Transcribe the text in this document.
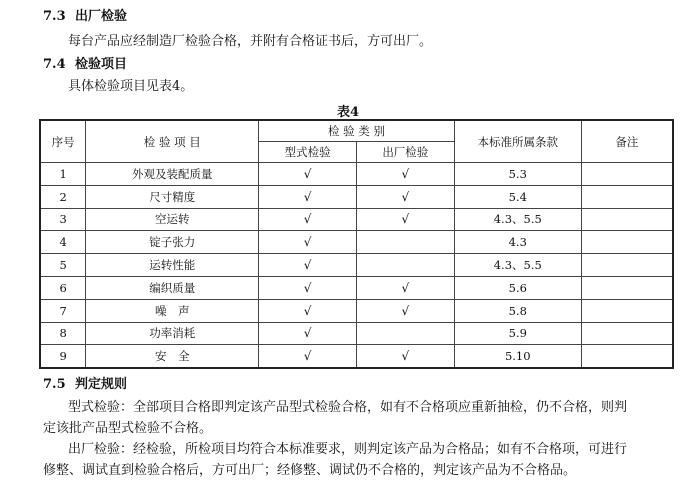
7.3 出厂检验
每台产品应经制造厂检验合格，并附有合格证书后，方可出厂。
7.4 检验项目
具体检验项目见表4。
表4
序号	检 验 项 目	检 验 类 别		本标准所属条款	备注
		型式检验	出厂检验		
1	外观及装配质量	√	√	5.3	
2	尺寸精度	√	√	5.4	
3	空运转	√	√	4.3、5.5	
4	锭子张力	√		4.3	
5	运转性能	√		4.3、5.5	
6	编织质量	√	√	5.6	
7	噪　声	√	√	5.8	
8	功率消耗	√		5.9	
9	安　全	√	√	5.10	
7.5 判定规则
型式检验：全部项目合格即判定该产品型式检验合格，如有不合格项应重新抽检，仍不合格，则判
定该批产品型式检验不合格。
出厂检验：经检验，所检项目均符合本标准要求，则判定该产品为合格品；如有不合格项，可进行
修整、调试直到检验合格后，方可出厂；经修整、调试仍不合格的，判定该产品为不合格品。
